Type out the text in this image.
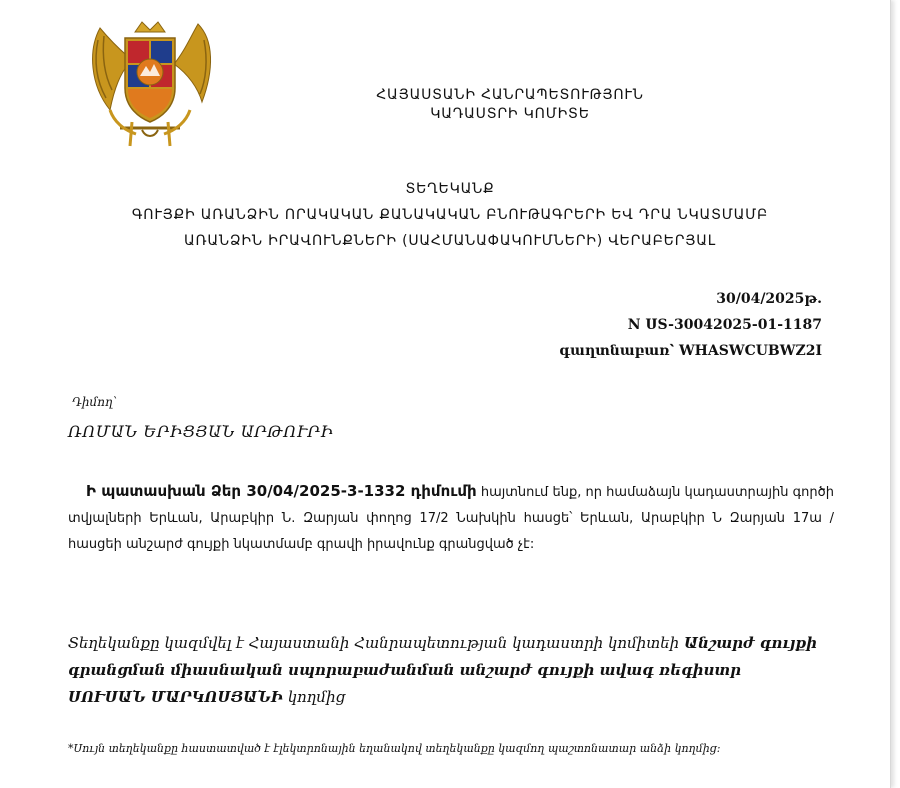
ՀԱՅԱՍՏԱՆԻ ՀԱՆՐԱՊԵՏՈՒԹՅՈՒՆ
ԿԱԴԱՍՏՐԻ ԿՈՄԻՏԵ
ՏԵՂԵԿԱՆՔ
ԳՈՒՅՔԻ ԱՌԱՆՁԻՆ ՈՐԱԿԱԿԱՆ ՔԱՆԱԿԱԿԱՆ ԲՆՈՒԹԱԳՐԵՐԻ ԵՎ ԴՐԱ ՆԿԱՏՄԱՄԲ
ԱՌԱՆՁԻՆ ԻՐԱՎՈՒՆՔՆԵՐԻ (ՍԱՀՄԱՆԱՓԱԿՈՒՄՆԵՐԻ) ՎԵՐԱԲԵՐՅԱԼ
30/04/2025թ.
N ՍS-30042025-01-1187
գաղտնաբառ՝ WHASWCUBWZ2I
Դիմող՝
ՌՈՄԱՆ ԵՐԻՑՅԱՆ ԱՐԹՈՒՐԻ
Ի պատասխան Ձեր 30/04/2025-3-1332 դիմումի հայտնում ենք, որ համաձայն կադաստրային գործի տվյալների Երևան, Արաբկիր Ն. Զարյան փողոց 17/2 Նախկին հասցե՝ Երևան, Արաբկիր Ն Զարյան 17ա / հասցեի անշարժ գույքի նկատմամբ գրավի իրավունք գրանցված չէ:
Տեղեկանքը կազմվել է Հայաստանի Հանրապետության կադաստրի կոմիտեի Անշարժ գույքի գրանցման միասնական սպորաբաժանման անշարժ գույքի ավագ ռեգիստր
ՍՈՒՍԱՆ ՄԱՐԿՈՍՅԱՆԻ կողմից
*Սույն տեղեկանքը հաստատված է էլեկտրոնային եղանակով տեղեկանքը կազմող պաշտոնատար անձի կողմից:
